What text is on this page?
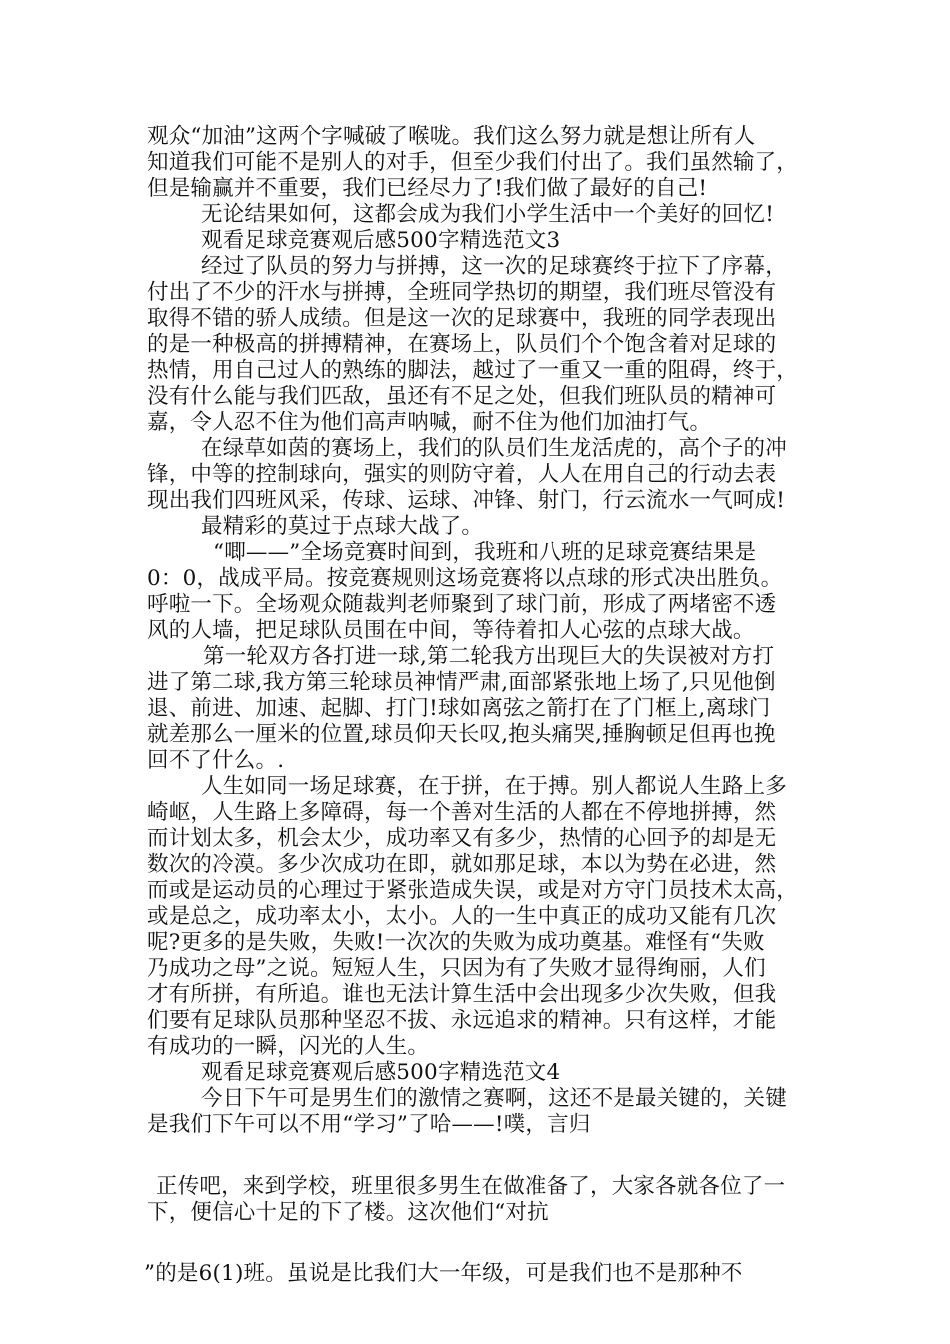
观众“加油”这两个字喊破了喉咙。我们这么努力就是想让所有人
知道我们可能不是别人的对手，但至少我们付出了。我们虽然输了，
但是输赢并不重要，我们已经尽力了!我们做了最好的自己!
无论结果如何，这都会成为我们小学生活中一个美好的回忆!
观看足球竞赛观后感500字精选范文3
经过了队员的努力与拼搏，这一次的足球赛终于拉下了序幕，
付出了不少的汗水与拼搏，全班同学热切的期望，我们班尽管没有
取得不错的骄人成绩。但是这一次的足球赛中，我班的同学表现出
的是一种极高的拼搏精神，在赛场上，队员们个个饱含着对足球的
热情，用自己过人的熟练的脚法，越过了一重又一重的阻碍，终于，
没有什么能与我们匹敌，虽还有不足之处，但我们班队员的精神可
嘉，令人忍不住为他们高声呐喊，耐不住为他们加油打气。
在绿草如茵的赛场上，我们的队员们生龙活虎的，高个子的冲
锋，中等的控制球向，强实的则防守着，人人在用自己的行动去表
现出我们四班风采，传球、运球、冲锋、射门，行云流水一气呵成!
最精彩的莫过于点球大战了。
“唧——”全场竞赛时间到，我班和八班的足球竞赛结果是
0：0，战成平局。按竞赛规则这场竞赛将以点球的形式决出胜负。
呼啦一下。全场观众随裁判老师聚到了球门前，形成了两堵密不透
风的人墙，把足球队员围在中间，等待着扣人心弦的点球大战。
第一轮双方各打进一球,第二轮我方出现巨大的失误被对方打
进了第二球,我方第三轮球员神情严肃,面部紧张地上场了,只见他倒
退、前进、加速、起脚、打门!球如离弦之箭打在了门框上,离球门
就差那么一厘米的位置,球员仰天长叹,抱头痛哭,捶胸顿足但再也挽
回不了什么。.
人生如同一场足球赛，在于拼，在于搏。别人都说人生路上多
崎岖，人生路上多障碍，每一个善对生活的人都在不停地拼搏，然
而计划太多，机会太少，成功率又有多少，热情的心回予的却是无
数次的冷漠。多少次成功在即，就如那足球，本以为势在必进，然
而或是运动员的心理过于紧张造成失误，或是对方守门员技术太高，
或是总之，成功率太小，太小。人的一生中真正的成功又能有几次
呢?更多的是失败，失败!一次次的失败为成功奠基。难怪有“失败
乃成功之母”之说。短短人生，只因为有了失败才显得绚丽，人们
才有所拼，有所追。谁也无法计算生活中会出现多少次失败，但我
们要有足球队员那种坚忍不拔、永远追求的精神。只有这样，才能
有成功的一瞬，闪光的人生。
观看足球竞赛观后感500字精选范文4
今日下午可是男生们的激情之赛啊，这还不是最关键的，关键
是我们下午可以不用“学习”了哈——!噗，言归
正传吧，来到学校，班里很多男生在做准备了，大家各就各位了一
下，便信心十足的下了楼。这次他们“对抗
”的是6(1)班。虽说是比我们大一年级，可是我们也不是那种不
